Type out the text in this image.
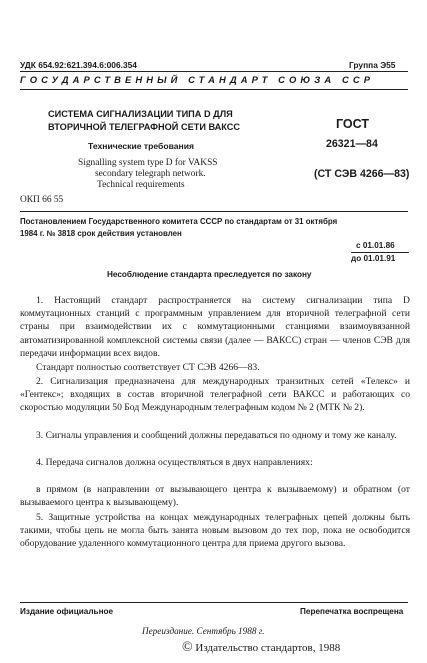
УДК 654.92:621.394.6:006.354	Группа Э55
ГОСУДАРСТВЕННЫЙ СТАНДАРТ СОЮЗА ССР
СИСТЕМА СИГНАЛИЗАЦИИ ТИПА D ДЛЯ
ВТОРИЧНОЙ ТЕЛЕГРАФНОЙ СЕТИ ВАКСС
Технические требования
Signalling system type D for VAKSS
secondary telegraph network.
Technical requirements
ОКП 66 55
ГОСТ
26321—84
(СТ СЭВ 4266—83)
Постановлением Государственного комитета СССР по стандартам от 31 октября
1984 г. № 3818 срок действия установлен
с 01.01.86
до 01.01.91
Несоблюдение стандарта преследуется по закону
1. Настоящий стандарт распространяется на систему сигнализации типа D коммутационных станций с программным управлением для вторичной телеграфной сети страны при взаимодействии их с коммутационными станциями взаимоувязанной автоматизированной комплексной системы связи (далее — ВАКСС) стран — членов СЭВ для передачи информации всех видов.
Стандарт полностью соответствует СТ СЭВ 4266—83.
2. Сигнализация предназначена для международных транзитных сетей «Телекс» и «Гентекс»; входящих в состав вторичной телеграфной сети ВАКСС и работающих со скоростью модуляции 50 Бод Международным телеграфным кодом № 2 (МТК № 2).
3. Сигналы управления и сообщений должны передаваться по одному и тому же каналу.
4. Передача сигналов должна осуществляться в двух направлениях:
в прямом (в направлении от вызывающего центра к вызываемому) и обратном (от вызываемого центра к вызывающему).
5. Защитные устройства на концах международных телеграфных цепей должны быть такими, чтобы цепь не могла быть занята новым вызовом до тех пор, пока не освободится оборудование удаленного коммутационного центра для приема другого вызова.
Издание официальное	Перепечатка воспрещена
Переиздание. Сентябрь 1988 г.
© Издательство стандартов, 1988
